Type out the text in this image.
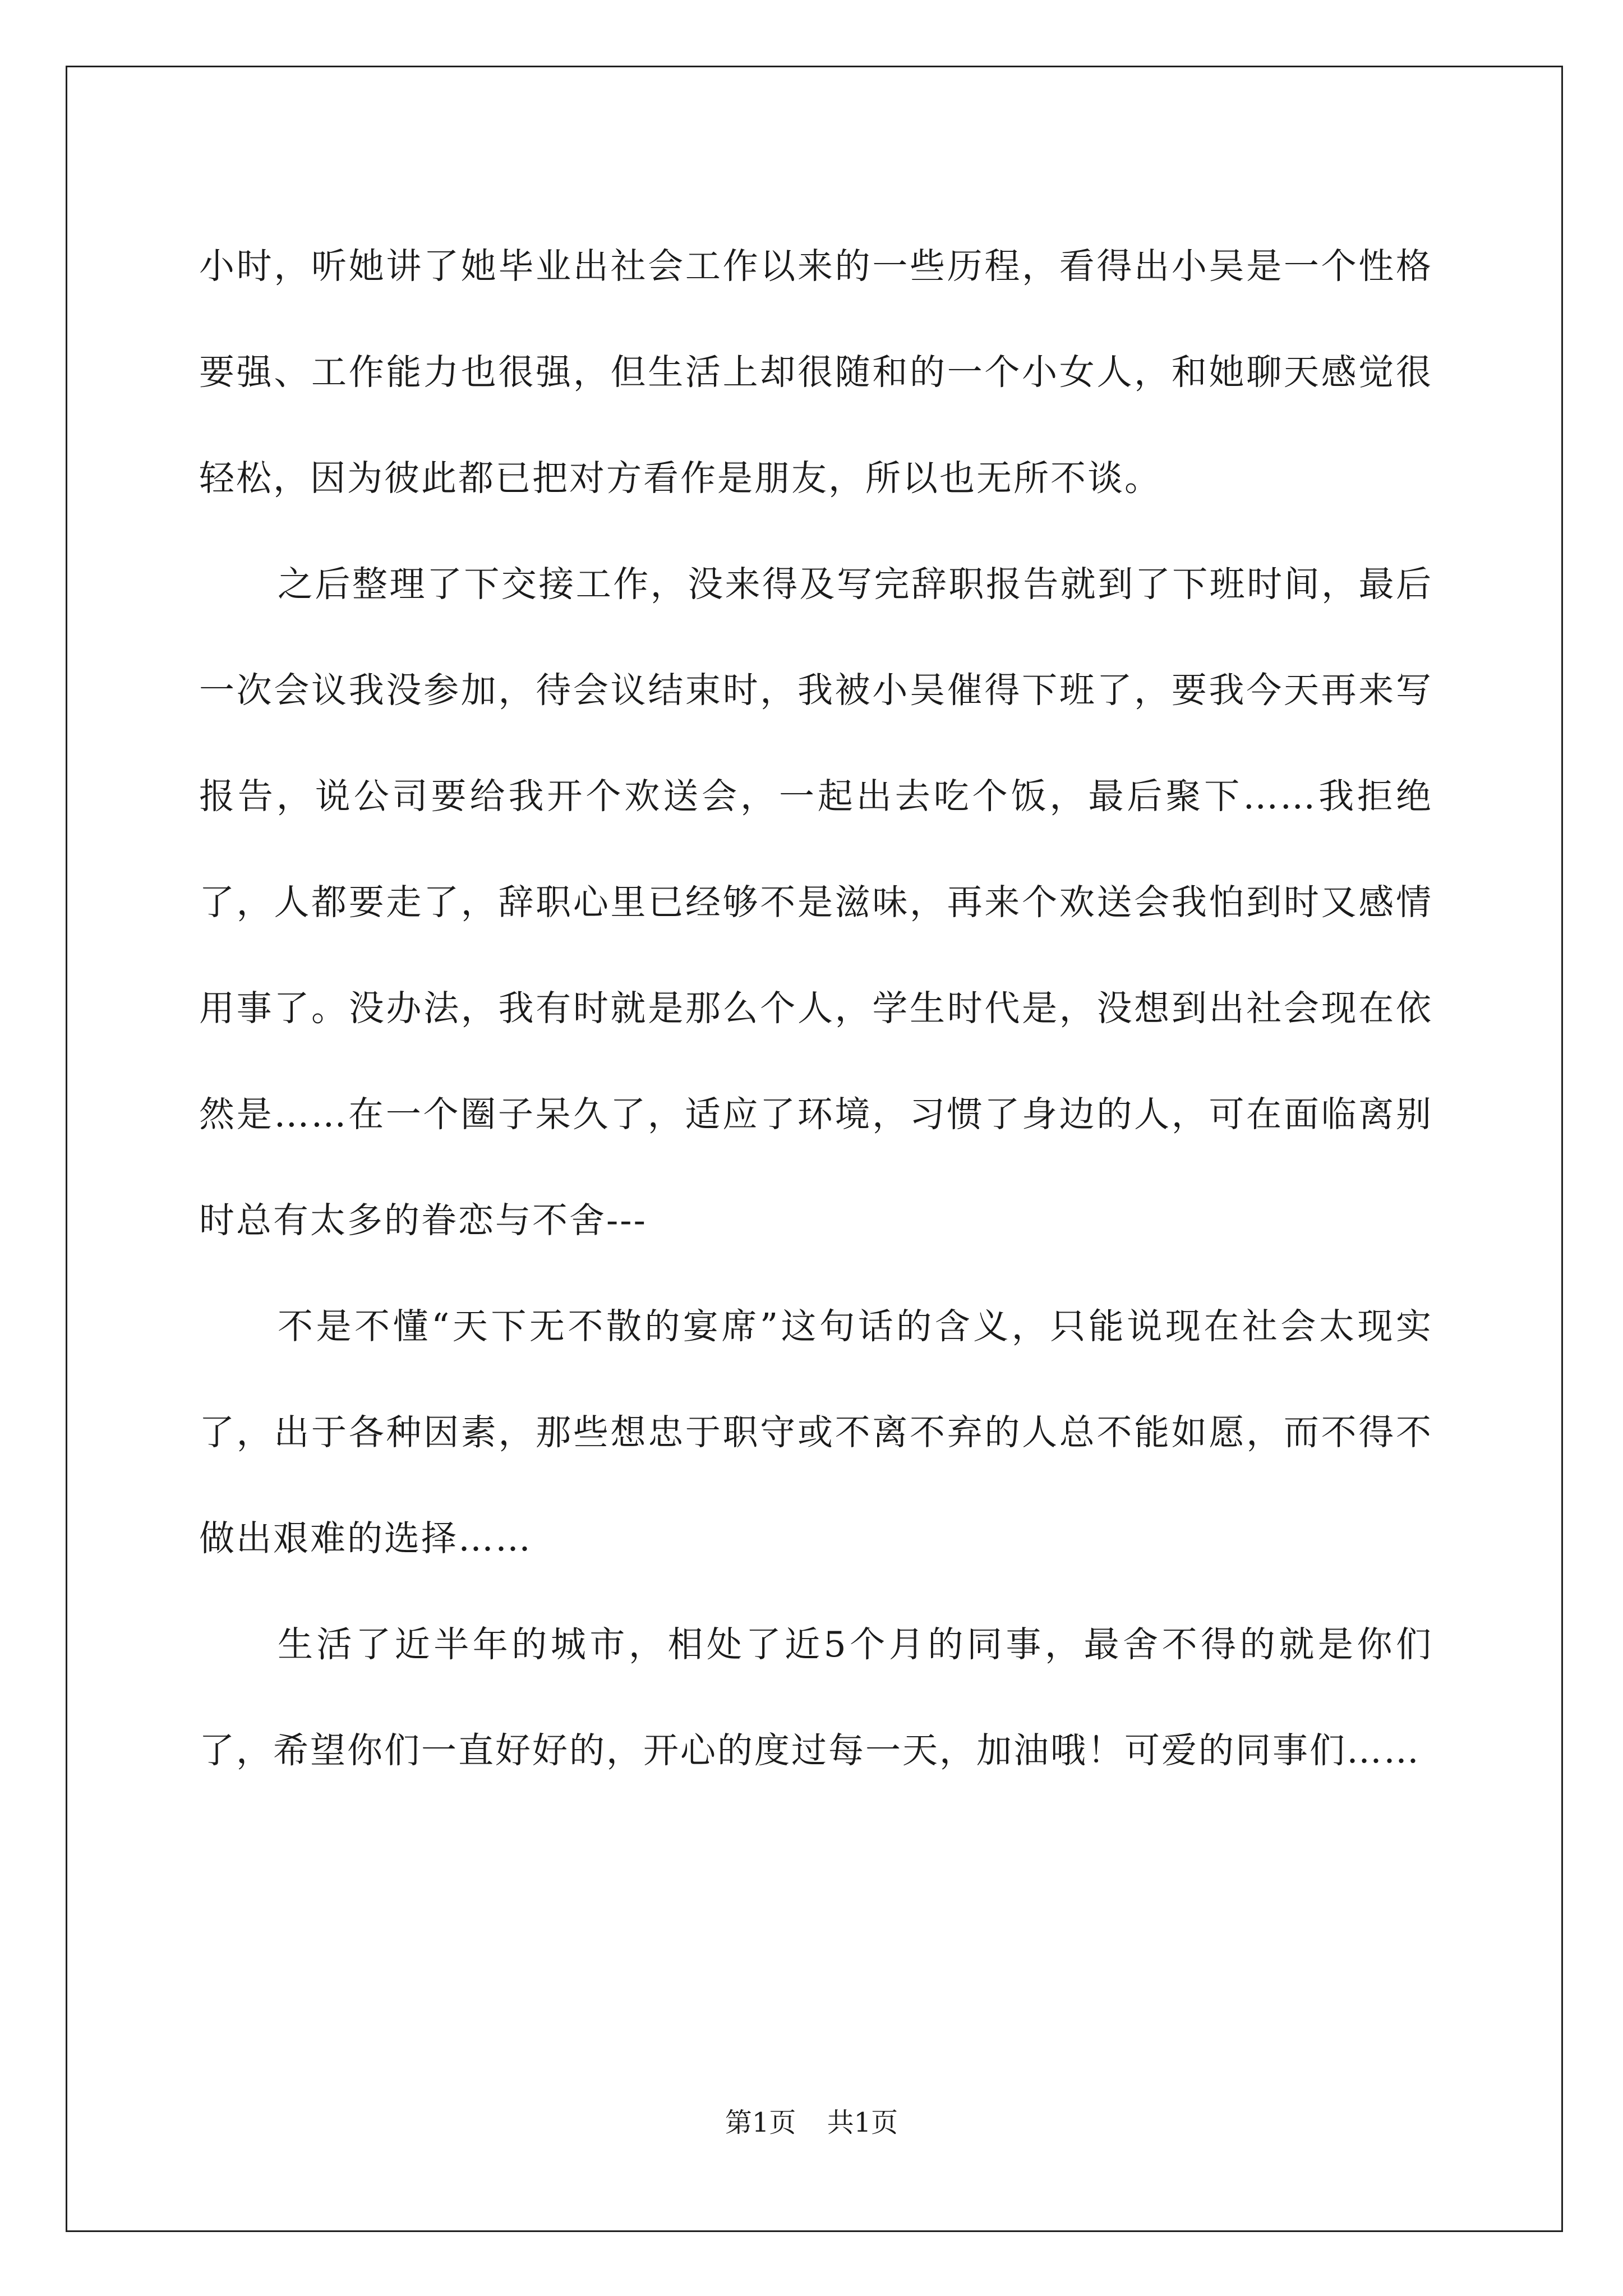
小时，听她讲了她毕业出社会工作以来的一些历程，看得出小吴是一个性格要强、工作能力也很强，但生活上却很随和的一个小女人，和她聊天感觉很轻松，因为彼此都已把对方看作是朋友，所以也无所不谈。

之后整理了下交接工作，没来得及写完辞职报告就到了下班时间，最后一次会议我没参加，待会议结束时，我被小吴催得下班了，要我今天再来写报告，说公司要给我开个欢送会，一起出去吃个饭，最后聚下……我拒绝了，人都要走了，辞职心里已经够不是滋味，再来个欢送会我怕到时又感情用事了。没办法，我有时就是那么个人，学生时代是，没想到出社会现在依然是……在一个圈子呆久了，适应了环境，习惯了身边的人，可在面临离别时总有太多的眷恋与不舍---

不是不懂“天下无不散的宴席”这句话的含义，只能说现在社会太现实了，出于各种因素，那些想忠于职守或不离不弃的人总不能如愿，而不得不做出艰难的选择……

生活了近半年的城市，相处了近5个月的同事，最舍不得的就是你们了，希望你们一直好好的，开心的度过每一天，加油哦！可爱的同事们……

第1页 共1页
